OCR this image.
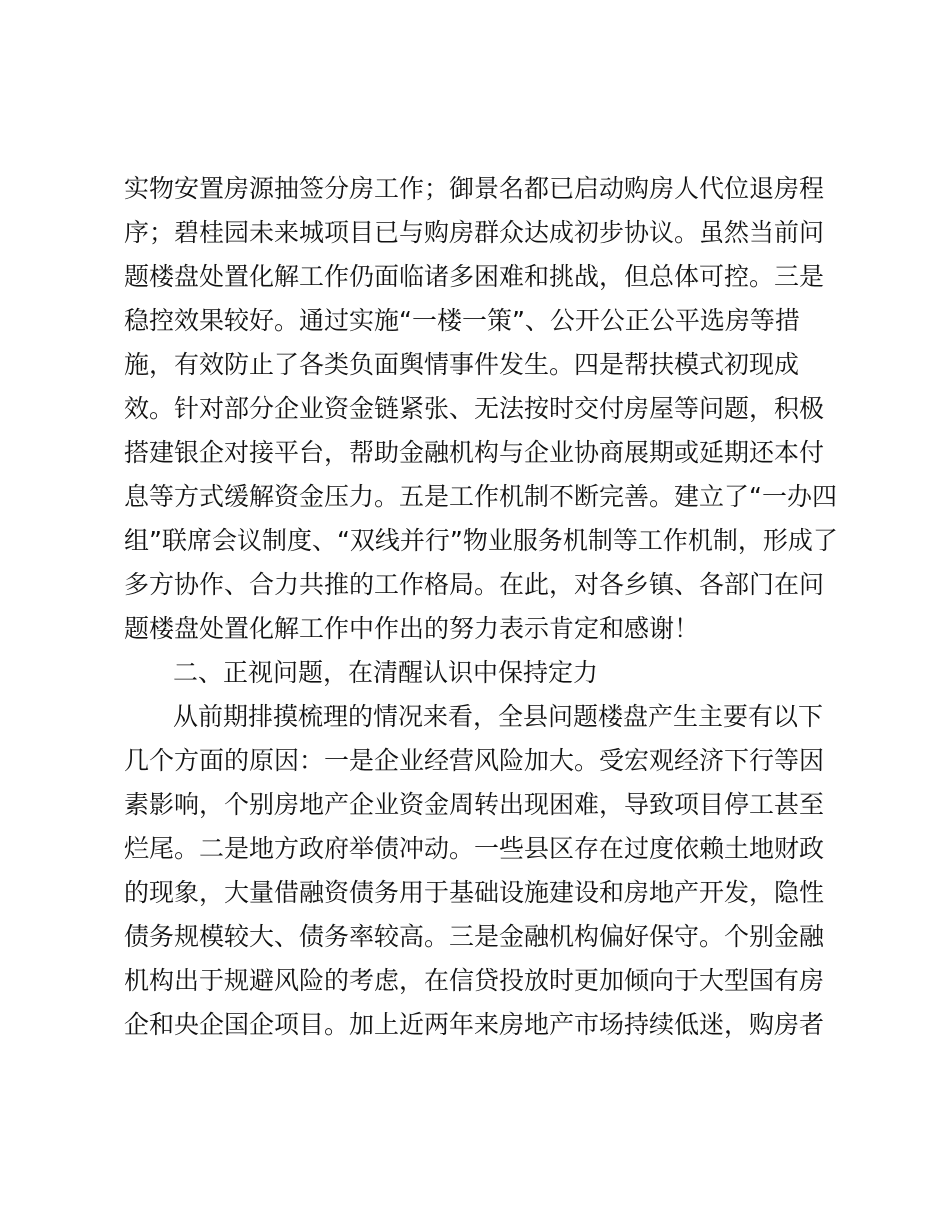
实物安置房源抽签分房工作；御景名都已启动购房人代位退房程
序；碧桂园未来城项目已与购房群众达成初步协议。虽然当前问
题楼盘处置化解工作仍面临诸多困难和挑战，但总体可控。三是
稳控效果较好。通过实施“一楼一策”、公开公正公平选房等措
施，有效防止了各类负面舆情事件发生。四是帮扶模式初现成
效。针对部分企业资金链紧张、无法按时交付房屋等问题，积极
搭建银企对接平台，帮助金融机构与企业协商展期或延期还本付
息等方式缓解资金压力。五是工作机制不断完善。建立了“一办四
组”联席会议制度、“双线并行”物业服务机制等工作机制，形成了
多方协作、合力共推的工作格局。在此，对各乡镇、各部门在问
题楼盘处置化解工作中作出的努力表示肯定和感谢！
二、正视问题，在清醒认识中保持定力
从前期排摸梳理的情况来看，全县问题楼盘产生主要有以下
几个方面的原因：一是企业经营风险加大。受宏观经济下行等因
素影响，个别房地产企业资金周转出现困难，导致项目停工甚至
烂尾。二是地方政府举债冲动。一些县区存在过度依赖土地财政
的现象，大量借融资债务用于基础设施建设和房地产开发，隐性
债务规模较大、债务率较高。三是金融机构偏好保守。个别金融
机构出于规避风险的考虑，在信贷投放时更加倾向于大型国有房
企和央企国企项目。加上近两年来房地产市场持续低迷，购房者
